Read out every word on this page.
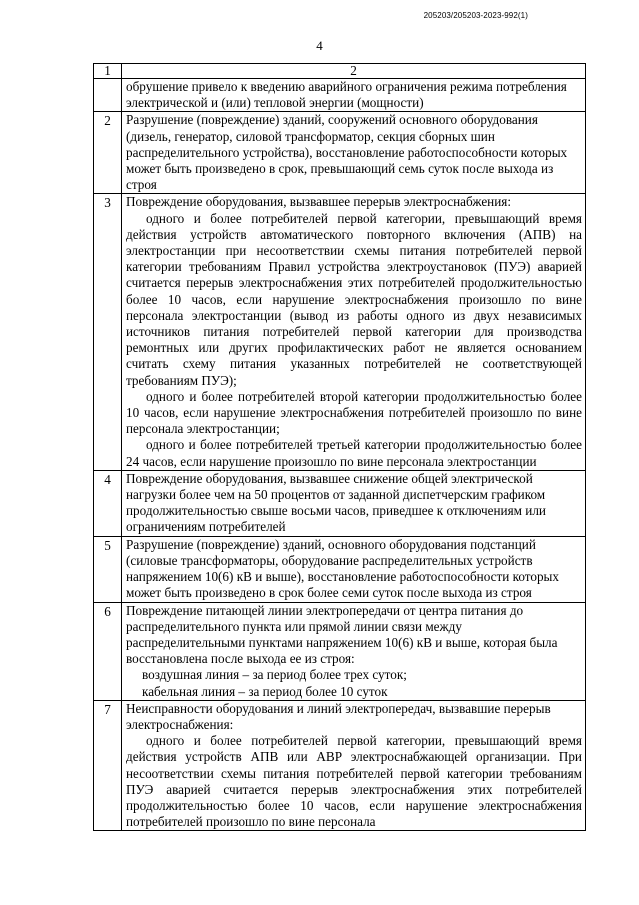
205203/205203-2023-992(1)
4
1	2

	обрушение привело к введению аварийного ограничения режима потребления электрической и (или) тепловой энергии (мощности)

2	Разрушение (повреждение) зданий, сооружений основного оборудования (дизель, генератор, силовой трансформатор, секция сборных шин распределительного устройства), восстановление работоспособности которых может быть произведено в срок, превышающий семь суток после выхода из строя

3	Повреждение оборудования, вызвавшее перерыв электроснабжения:

одного и более потребителей первой категории, превышающий время действия устройств автоматического повторного включения (АПВ) на электростанции при несоответствии схемы питания потребителей первой категории требованиям Правил устройства электроустановок (ПУЭ) аварией считается перерыв электроснабжения этих потребителей продолжительностью более 10 часов, если нарушение электроснабжения произошло по вине персонала электростанции (вывод из работы одного из двух независимых источников питания потребителей первой категории для производства ремонтных или других профилактических работ не является основанием считать схему питания указанных потребителей не соответствующей требованиям ПУЭ);

одного и более потребителей второй категории продолжительностью более 10 часов, если нарушение электроснабжения потребителей произошло по вине персонала электростанции;

одного и более потребителей третьей категории продолжительностью более 24 часов, если нарушение произошло по вине персонала электростанции

4	Повреждение оборудования, вызвавшее снижение общей электрической нагрузки более чем на 50 процентов от заданной диспетчерским графиком продолжительностью свыше восьми часов, приведшее к отключениям или ограничениям потребителей

5	Разрушение (повреждение) зданий, основного оборудования подстанций (силовые трансформаторы, оборудование распределительных устройств напряжением 10(6) кВ и выше), восстановление работоспособности которых может быть произведено в срок более семи суток после выхода из строя

6	Повреждение питающей линии электропередачи от центра питания до распределительного пункта или прямой линии связи между распределительными пунктами напряжением 10(6) кВ и выше, которая была восстановлена после выхода ее из строя:

воздушная линия – за период более трех суток;

кабельная линия – за период более 10 суток

7	Неисправности оборудования и линий электропередач, вызвавшие перерыв электроснабжения:

одного и более потребителей первой категории, превышающий время действия устройств АПВ или АВР электроснабжающей организации. При несоответствии схемы питания потребителей первой категории требованиям ПУЭ аварией считается перерыв электроснабжения этих потребителей продолжительностью более 10 часов, если нарушение электроснабжения потребителей произошло по вине персонала
